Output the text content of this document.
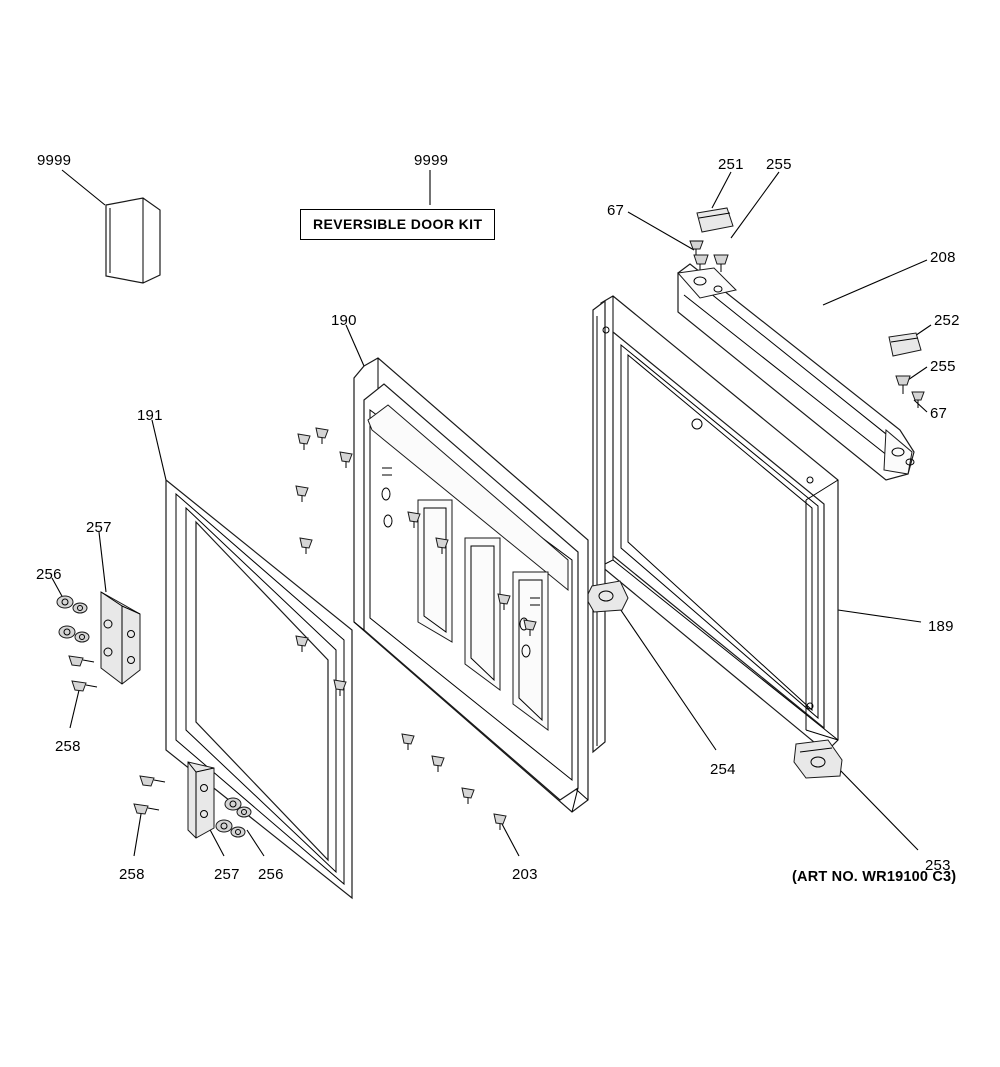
REVERSIBLE DOOR KIT
9999	9999	251 255
67
208
252
255
67
190
191
257
256
258
258	257 256	203
254
189
253
(ART NO. WR19100 C3)
